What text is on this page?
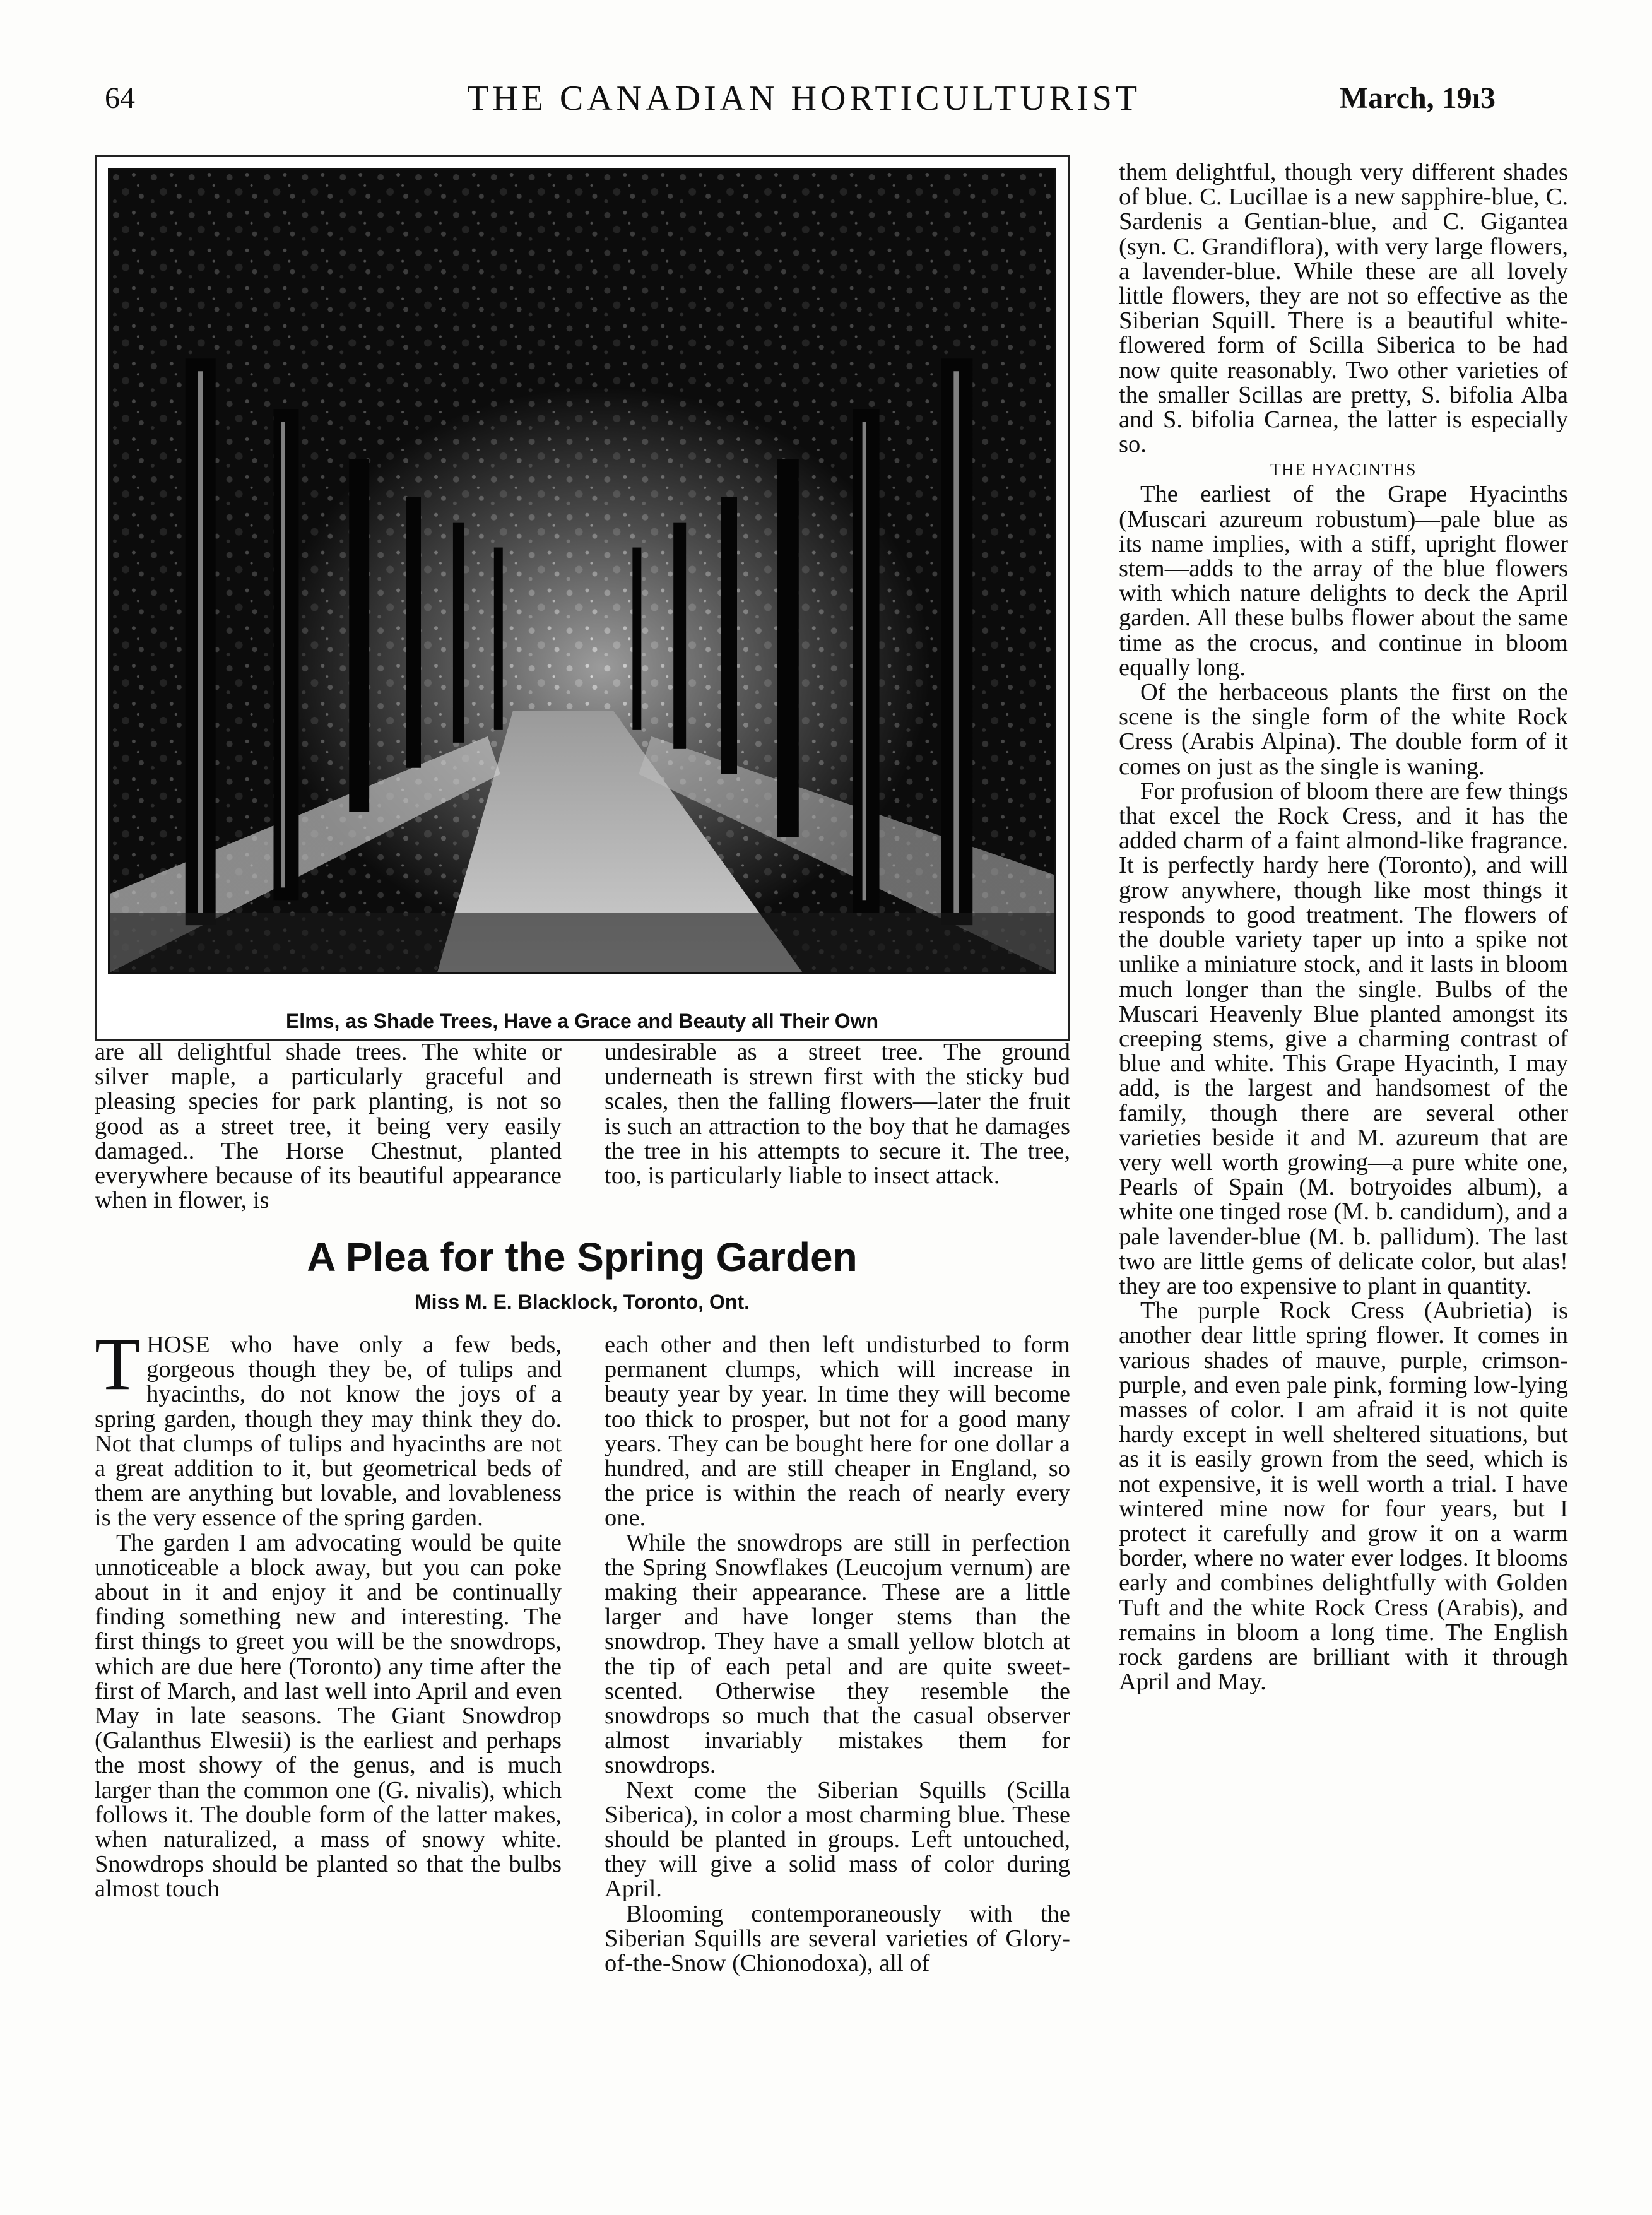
64	THE CANADIAN HORTICULTURIST	March, 19ı3
Elms, as Shade Trees, Have a Grace and Beauty all Their Own

are all delightful shade trees. The white or silver maple, a particularly graceful and pleasing species for park planting, is not so good as a street tree, it being very easily damaged.. The Horse Chestnut, planted everywhere because of its beautiful appearance when in flower, is

undesirable as a street tree. The ground underneath is strewn first with the sticky bud scales, then the falling flowers—later the fruit is such an attraction to the boy that he damages the tree in his attempts to secure it. The tree, too, is particularly liable to insect attack.

A Plea for the Spring Garden
Miss M. E. Blacklock, Toronto, Ont.

THOSE who have only a few beds, gorgeous though they be, of tulips and hyacinths, do not know the joys of a spring garden, though they may think they do. Not that clumps of tulips and hyacinths are not a great addition to it, but geometrical beds of them are anything but lovable, and lovableness is the very essence of the spring garden.

The garden I am advocating would be quite unnoticeable a block away, but you can poke about in it and enjoy it and be continually finding something new and interesting. The first things to greet you will be the snowdrops, which are due here (Toronto) any time after the first of March, and last well into April and even May in late seasons. The Giant Snowdrop (Galanthus Elwesii) is the earliest and perhaps the most showy of the genus, and is much larger than the common one (G. nivalis), which follows it. The double form of the latter makes, when naturalized, a mass of snowy white. Snowdrops should be planted so that the bulbs almost touch

each other and then left undisturbed to form permanent clumps, which will increase in beauty year by year. In time they will become too thick to prosper, but not for a good many years. They can be bought here for one dollar a hundred, and are still cheaper in England, so the price is within the reach of nearly every one.

While the snowdrops are still in perfection the Spring Snowflakes (Leucojum vernum) are making their appearance. These are a little larger and have longer stems than the snowdrop. They have a small yellow blotch at the tip of each petal and are quite sweet-scented. Otherwise they resemble the snowdrops so much that the casual observer almost invariably mistakes them for snowdrops.

Next come the Siberian Squills (Scilla Siberica), in color a most charming blue. These should be planted in groups. Left untouched, they will give a solid mass of color during April.

Blooming contemporaneously with the Siberian Squills are several varieties of Glory-of-the-Snow (Chionodoxa), all of

them delightful, though very different shades of blue. C. Lucillae is a new sapphire-blue, C. Sardenis a Gentian-blue, and C. Gigantea (syn. C. Grandiflora), with very large flowers, a lavender-blue. While these are all lovely little flowers, they are not so effective as the Siberian Squill. There is a beautiful white-flowered form of Scilla Siberica to be had now quite reasonably. Two other varieties of the smaller Scillas are pretty, S. bifolia Alba and S. bifolia Carnea, the latter is especially so.

THE HYACINTHS

The earliest of the Grape Hyacinths (Muscari azureum robustum)—pale blue as its name implies, with a stiff, upright flower stem—adds to the array of the blue flowers with which nature delights to deck the April garden. All these bulbs flower about the same time as the crocus, and continue in bloom equally long.

Of the herbaceous plants the first on the scene is the single form of the white Rock Cress (Arabis Alpina). The double form of it comes on just as the single is waning.

For profusion of bloom there are few things that excel the Rock Cress, and it has the added charm of a faint almond-like fragrance. It is perfectly hardy here (Toronto), and will grow anywhere, though like most things it responds to good treatment. The flowers of the double variety taper up into a spike not unlike a miniature stock, and it lasts in bloom much longer than the single. Bulbs of the Muscari Heavenly Blue planted amongst its creeping stems, give a charming contrast of blue and white. This Grape Hyacinth, I may add, is the largest and handsomest of the family, though there are several other varieties beside it and M. azureum that are very well worth growing—a pure white one, Pearls of Spain (M. botryoides album), a white one tinged rose (M. b. candidum), and a pale lavender-blue (M. b. pallidum). The last two are little gems of delicate color, but alas! they are too expensive to plant in quantity.

The purple Rock Cress (Aubrietia) is another dear little spring flower. It comes in various shades of mauve, purple, crimson-purple, and even pale pink, forming low-lying masses of color. I am afraid it is not quite hardy except in well sheltered situations, but as it is easily grown from the seed, which is not expensive, it is well worth a trial. I have wintered mine now for four years, but I protect it carefully and grow it on a warm border, where no water ever lodges. It blooms early and combines delightfully with Golden Tuft and the white Rock Cress (Arabis), and remains in bloom a long time. The English rock gardens are brilliant with it through April and May.
